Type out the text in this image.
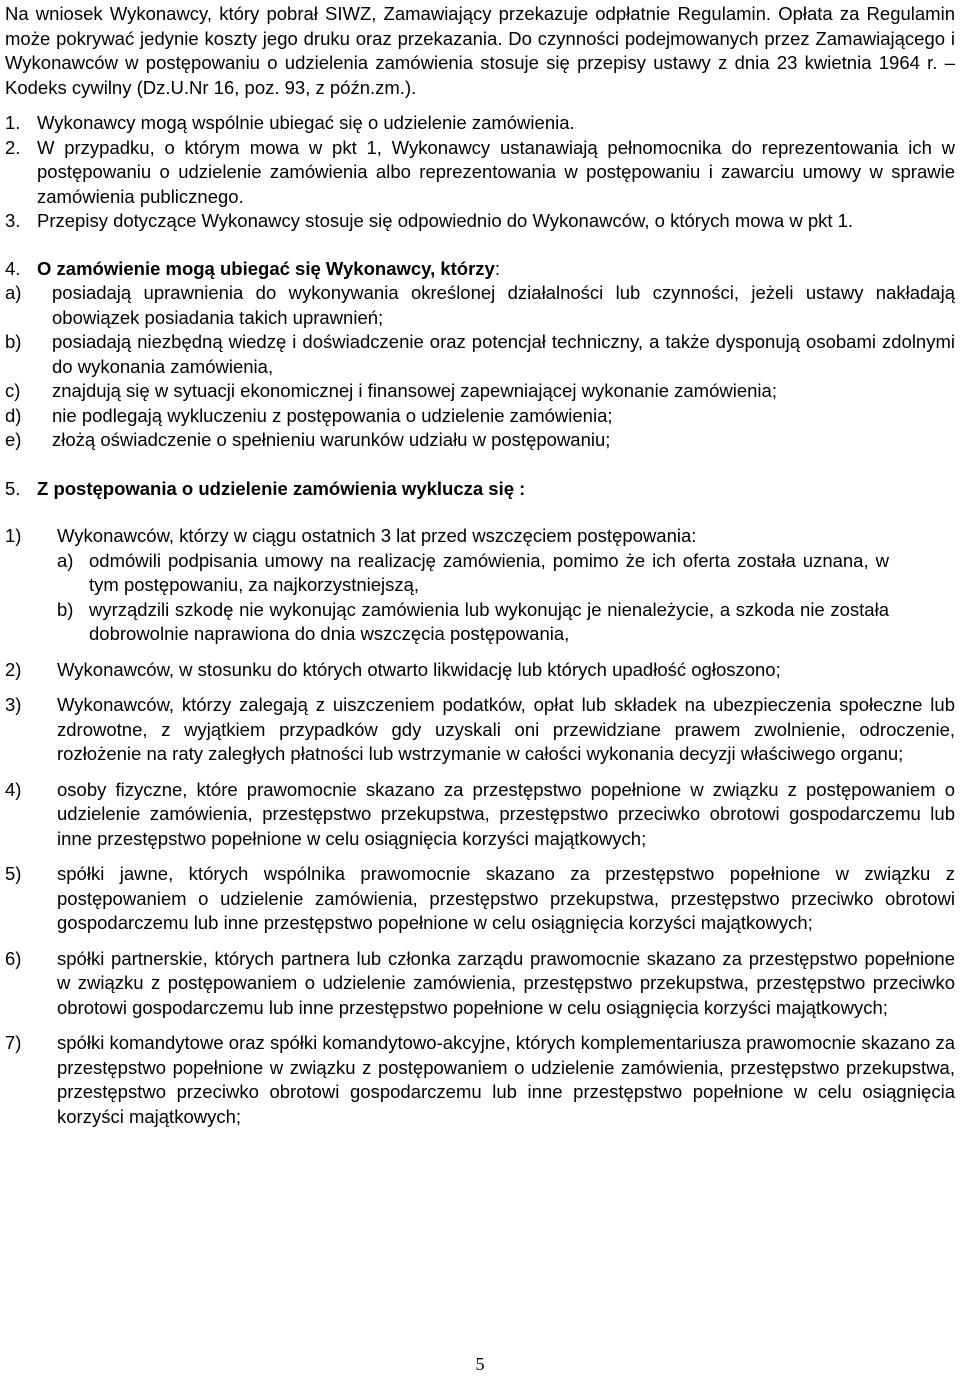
Na wniosek Wykonawcy, który pobrał SIWZ, Zamawiający przekazuje odpłatnie Regulamin. Opłata za Regulamin może pokrywać jedynie koszty jego druku oraz przekazania. Do czynności podejmowanych przez Zamawiającego i Wykonawców w postępowaniu o udzielenia zamówienia stosuje się przepisy ustawy z dnia 23 kwietnia 1964 r. – Kodeks cywilny (Dz.U.Nr 16, poz. 93, z późn.zm.).

1. Wykonawcy mogą wspólnie ubiegać się o udzielenie zamówienia.
2. W przypadku, o którym mowa w pkt 1, Wykonawcy ustanawiają pełnomocnika do reprezentowania ich w postępowaniu o udzielenie zamówienia albo reprezentowania w postępowaniu i zawarciu umowy w sprawie zamówienia publicznego.
3. Przepisy dotyczące Wykonawcy stosuje się odpowiednio do Wykonawców, o których mowa w pkt 1.
4. O zamówienie mogą ubiegać się Wykonawcy, którzy:
a)	posiadają uprawnienia do wykonywania określonej działalności lub czynności, jeżeli ustawy nakładają obowiązek posiadania takich uprawnień;
b)	posiadają niezbędną wiedzę i doświadczenie oraz potencjał techniczny, a także dysponują osobami zdolnymi do wykonania zamówienia,
c)	znajdują się w sytuacji ekonomicznej i finansowej zapewniającej wykonanie zamówienia;
d)	nie podlegają wykluczeniu z postępowania o udzielenie zamówienia;
e)	złożą oświadczenie o spełnieniu warunków udziału w postępowaniu;
5. Z postępowania o udzielenie zamówienia wyklucza się :
1)	Wykonawców, którzy w ciągu ostatnich 3 lat przed wszczęciem postępowania:
a) odmówili podpisania umowy na realizację zamówienia, pomimo że ich oferta została uznana, w tym postępowaniu, za najkorzystniejszą,
b) wyrządzili szkodę nie wykonując zamówienia lub wykonując je nienależycie, a szkoda nie została dobrowolnie naprawiona do dnia wszczęcia postępowania,
2)	Wykonawców, w stosunku do których otwarto likwidację lub których upadłość ogłoszono;
3)	Wykonawców, którzy zalegają z uiszczeniem podatków, opłat lub składek na ubezpieczenia społeczne lub zdrowotne, z wyjątkiem przypadków gdy uzyskali oni przewidziane prawem zwolnienie, odroczenie, rozłożenie na raty zaległych płatności lub wstrzymanie w całości wykonania decyzji właściwego organu;
4)	osoby fizyczne, które prawomocnie skazano za przestępstwo popełnione w związku z postępowaniem o udzielenie zamówienia, przestępstwo przekupstwa, przestępstwo przeciwko obrotowi gospodarczemu lub inne przestępstwo popełnione w celu osiągnięcia korzyści majątkowych;
5)	spółki jawne, których wspólnika prawomocnie skazano za przestępstwo popełnione w związku z postępowaniem o udzielenie zamówienia, przestępstwo przekupstwa, przestępstwo przeciwko obrotowi gospodarczemu lub inne przestępstwo popełnione w celu osiągnięcia korzyści majątkowych;
6)	spółki partnerskie, których partnera lub członka zarządu prawomocnie skazano za przestępstwo popełnione w związku z postępowaniem o udzielenie zamówienia, przestępstwo przekupstwa, przestępstwo przeciwko obrotowi gospodarczemu lub inne przestępstwo popełnione w celu osiągnięcia korzyści majątkowych;
7)	spółki komandytowe oraz spółki komandytowo-akcyjne, których komplementariusza prawomocnie skazano za przestępstwo popełnione w związku z postępowaniem o udzielenie zamówienia, przestępstwo przekupstwa, przestępstwo przeciwko obrotowi gospodarczemu lub inne przestępstwo popełnione w celu osiągnięcia korzyści majątkowych;
5
